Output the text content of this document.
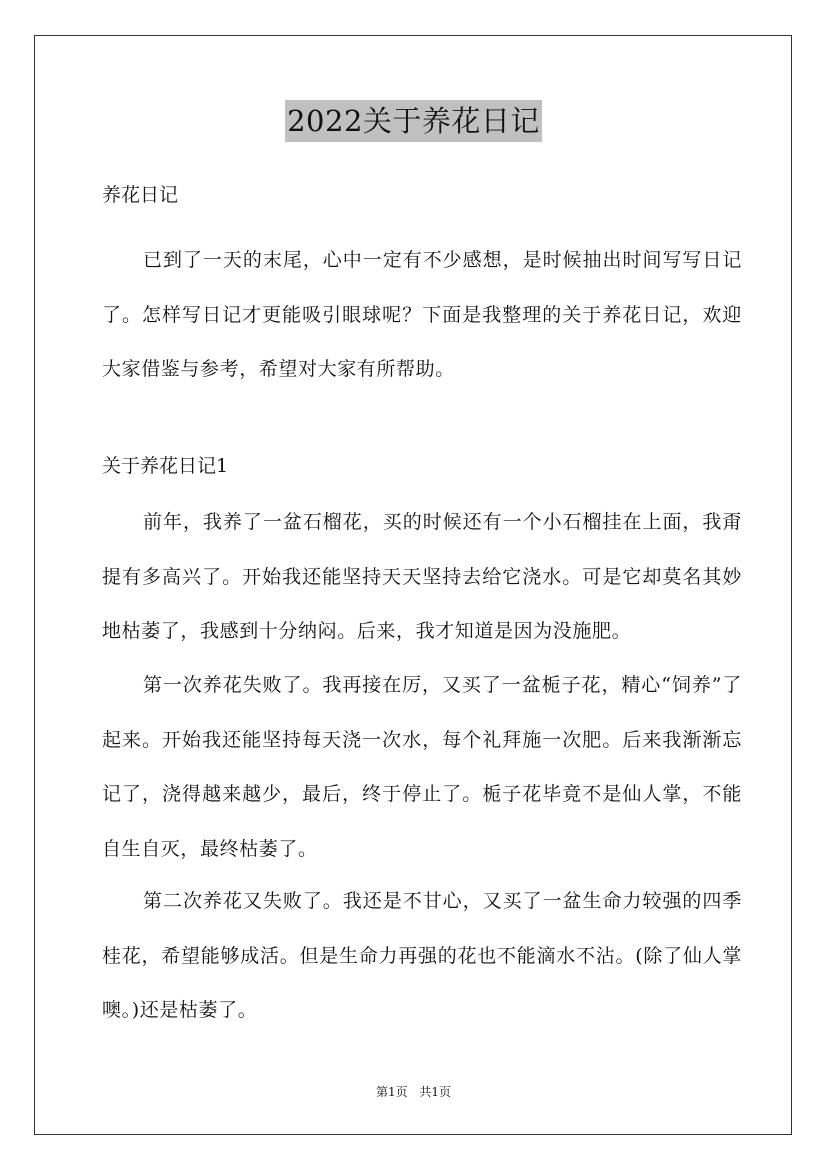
2022关于养花日记
养花日记
已到了一天的末尾，心中一定有不少感想，是时候抽出时间写写日记了。怎样写日记才更能吸引眼球呢？下面是我整理的关于养花日记，欢迎大家借鉴与参考，希望对大家有所帮助。
关于养花日记1
前年，我养了一盆石榴花，买的时候还有一个小石榴挂在上面，我甭提有多高兴了。开始我还能坚持天天坚持去给它浇水。可是它却莫名其妙地枯萎了，我感到十分纳闷。后来，我才知道是因为没施肥。
第一次养花失败了。我再接在厉，又买了一盆栀子花，精心“饲养”了起来。开始我还能坚持每天浇一次水，每个礼拜施一次肥。后来我渐渐忘记了，浇得越来越少，最后，终于停止了。栀子花毕竟不是仙人掌，不能自生自灭，最终枯萎了。
第二次养花又失败了。我还是不甘心，又买了一盆生命力较强的四季桂花，希望能够成活。但是生命力再强的花也不能滴水不沾。(除了仙人掌噢。)还是枯萎了。
第1页 共1页
